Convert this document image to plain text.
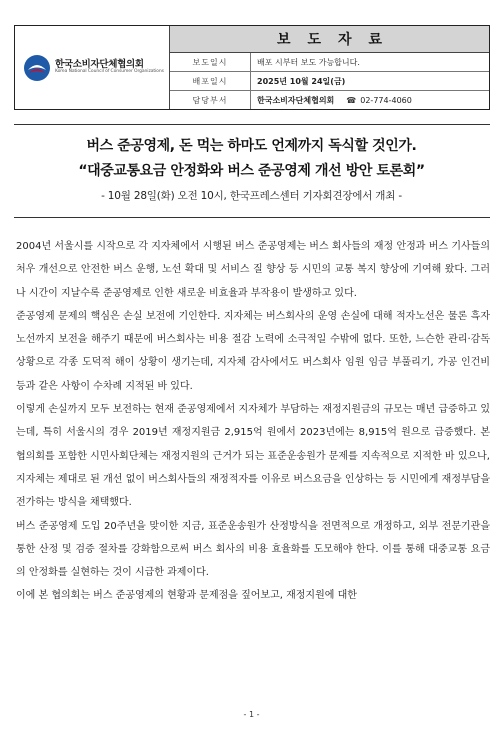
한국소비자단체협의회
Korea National Council of Consumer Organizations
보도자료
보도일시	배포 시부터 보도 가능합니다.
배포일시	2025년 10월 24일(금)
담당부서	한국소비자단체협의회 ☎ 02-774-4060
버스 준공영제, 돈 먹는 하마도 언제까지 독식할 것인가.
“대중교통요금 안정화와 버스 준공영제 개선 방안 토론회”
- 10월 28일(화) 오전 10시, 한국프레스센터 기자회견장에서 개최 -

2004년 서울시를 시작으로 각 지자체에서 시행된 버스 준공영제는 버스 회사들의 재정 안정과 버스 기사들의 처우 개선으로 안전한 버스 운행, 노선 확대 및 서비스 질 향상 등 시민의 교통 복지 향상에 기여해 왔다. 그러나 시간이 지날수록 준공영제로 인한 새로운 비효율과 부작용이 발생하고 있다.

준공영제 문제의 핵심은 손실 보전에 기인한다. 지자체는 버스회사의 운영 손실에 대해 적자노선은 물론 흑자노선까지 보전을 해주기 때문에 버스회사는 비용 절감 노력에 소극적일 수밖에 없다. 또한, 느슨한 관리·감독 상황으로 각종 도덕적 해이 상황이 생기는데, 지자체 감사에서도 버스회사 임원 임금 부풀리기, 가공 인건비 등과 같은 사항이 수차례 지적된 바 있다.

이렇게 손실까지 모두 보전하는 현재 준공영제에서 지자체가 부담하는 재정지원금의 규모는 매년 급증하고 있는데, 특히 서울시의 경우 2019년 재정지원금 2,915억 원에서 2023년에는 8,915억 원으로 급증했다. 본 협의회를 포함한 시민사회단체는 재정지원의 근거가 되는 표준운송원가 문제를 지속적으로 지적한 바 있으나, 지자체는 제대로 된 개선 없이 버스회사들의 재정적자를 이유로 버스요금을 인상하는 등 시민에게 재정부담을 전가하는 방식을 채택했다.

버스 준공영제 도입 20주년을 맞이한 지금, 표준운송원가 산정방식을 전면적으로 개정하고, 외부 전문기관을 통한 산정 및 검증 절차를 강화함으로써 버스 회사의 비용 효율화를 도모해야 한다. 이를 통해 대중교통 요금의 안정화를 실현하는 것이 시급한 과제이다.

이에 본 협의회는 버스 준공영제의 현황과 문제점을 짚어보고, 재정지원에 대한

- 1 -
